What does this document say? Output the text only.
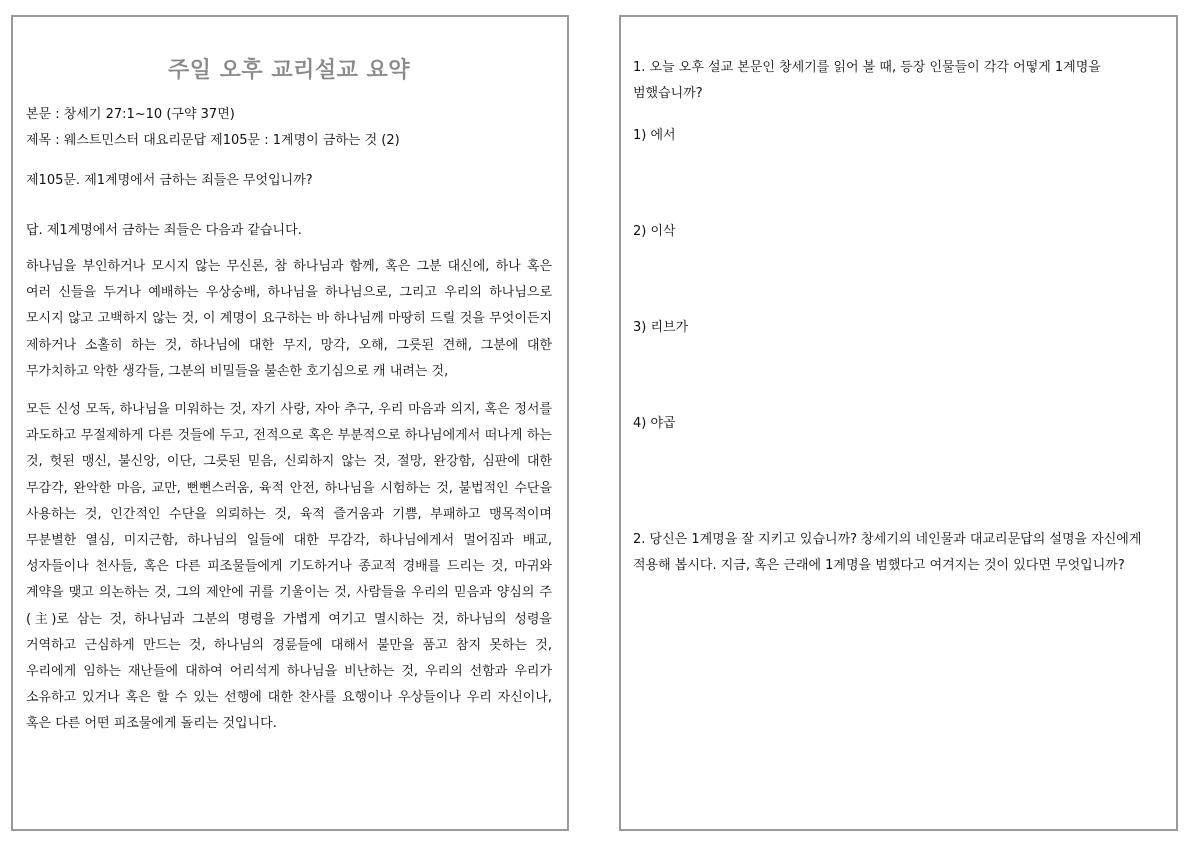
주일 오후 교리설교 요약

본문 : 창세기 27:1~10 (구약 37면)

제목 : 웨스트민스터 대요리문답 제105문 : 1계명이 금하는 것 (2)

제105문. 제1계명에서 금하는 죄들은 무엇입니까?

답. 제1계명에서 금하는 죄들은 다음과 같습니다.

하나님을 부인하거나 모시지 않는 무신론, 참 하나님과 함께, 혹은 그분 대신에, 하나 혹은 여러 신들을 두거나 예배하는 우상숭배, 하나님을 하나님으로, 그리고 우리의 하나님으로 모시지 않고 고백하지 않는 것, 이 계명이 요구하는 바 하나님께 마땅히 드릴 것을 무엇이든지 제하거나 소홀히 하는 것, 하나님에 대한 무지, 망각, 오해, 그릇된 견해, 그분에 대한 무가치하고 악한 생각들, 그분의 비밀들을 불손한 호기심으로 캐 내려는 것,

모든 신성 모독, 하나님을 미워하는 것, 자기 사랑, 자아 추구, 우리 마음과 의지, 혹은 정서를 과도하고 무절제하게 다른 것들에 두고, 전적으로 혹은 부분적으로 하나님에게서 떠나게 하는 것, 헛된 맹신, 불신앙, 이단, 그릇된 믿음, 신뢰하지 않는 것, 절망, 완강함, 심판에 대한 무감각, 완악한 마음, 교만, 뻔뻔스러움, 육적 안전, 하나님을 시험하는 것, 불법적인 수단을 사용하는 것, 인간적인 수단을 의뢰하는 것, 육적 즐거움과 기쁨, 부패하고 맹목적이며 무분별한 열심, 미지근함, 하나님의 일들에 대한 무감각, 하나님에게서 멀어짐과 배교, 성자들이나 천사들, 혹은 다른 피조물들에게 기도하거나 종교적 경배를 드리는 것, 마귀와 계약을 맺고 의논하는 것, 그의 제안에 귀를 기울이는 것, 사람들을 우리의 믿음과 양심의 주(主)로 삼는 것, 하나님과 그분의 명령을 가볍게 여기고 멸시하는 것, 하나님의 성령을 거역하고 근심하게 만드는 것, 하나님의 경륜들에 대해서 불만을 품고 참지 못하는 것, 우리에게 임하는 재난들에 대하여 어리석게 하나님을 비난하는 것, 우리의 선함과 우리가 소유하고 있거나 혹은 할 수 있는 선행에 대한 찬사를 요행이나 우상들이나 우리 자신이나, 혹은 다른 어떤 피조물에게 돌리는 것입니다.

1. 오늘 오후 설교 본문인 창세기를 읽어 볼 때, 등장 인물들이 각각 어떻게 1계명을 범했습니까?

1) 에서

2) 이삭

3) 리브가

4) 야곱

2. 당신은 1계명을 잘 지키고 있습니까? 창세기의 네인물과 대교리문답의 설명을 자신에게 적용해 봅시다. 지금, 혹은 근래에 1계명을 범했다고 여겨지는 것이 있다면 무엇입니까?
